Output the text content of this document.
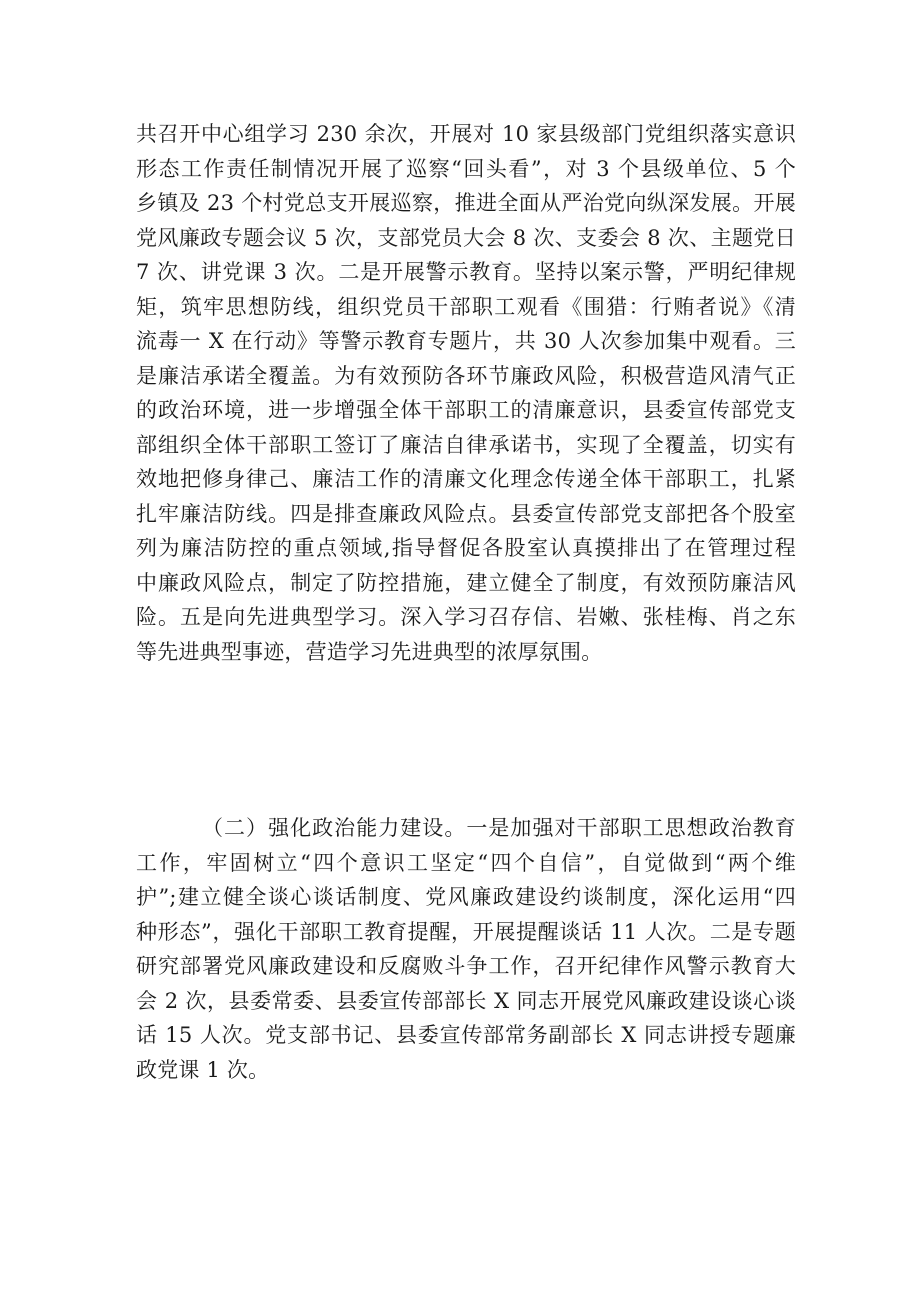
共召开中心组学习 230 余次，开展对 10 家县级部门党组织落实意识
形态工作责任制情况开展了巡察“回头看”，对 3 个县级单位、5 个
乡镇及 23 个村党总支开展巡察，推进全面从严治党向纵深发展。开展
党风廉政专题会议 5 次，支部党员大会 8 次、支委会 8 次、主题党日
7 次、讲党课 3 次。二是开展警示教育。坚持以案示警，严明纪律规
矩，筑牢思想防线，组织党员干部职工观看《围猎：行贿者说》《清
流毒一 X 在行动》等警示教育专题片，共 30 人次参加集中观看。三
是廉洁承诺全覆盖。为有效预防各环节廉政风险，积极营造风清气正
的政治环境，进一步增强全体干部职工的清廉意识，县委宣传部党支
部组织全体干部职工签订了廉洁自律承诺书，实现了全覆盖，切实有
效地把修身律己、廉洁工作的清廉文化理念传递全体干部职工，扎紧
扎牢廉洁防线。四是排查廉政风险点。县委宣传部党支部把各个股室
列为廉洁防控的重点领域,指导督促各股室认真摸排出了在管理过程
中廉政风险点，制定了防控措施，建立健全了制度，有效预防廉洁风
险。五是向先进典型学习。深入学习召存信、岩嫩、张桂梅、肖之东
等先进典型事迹，营造学习先进典型的浓厚氛围。
（二）强化政治能力建设。一是加强对干部职工思想政治教育
工作，牢固树立“四个意识工坚定“四个自信”，自觉做到“两个维
护”;建立健全谈心谈话制度、党风廉政建设约谈制度，深化运用“四
种形态”，强化干部职工教育提醒，开展提醒谈话 11 人次。二是专题
研究部署党风廉政建设和反腐败斗争工作，召开纪律作风警示教育大
会 2 次，县委常委、县委宣传部部长 X 同志开展党风廉政建设谈心谈
话 15 人次。党支部书记、县委宣传部常务副部长 X 同志讲授专题廉
政党课 1 次。
